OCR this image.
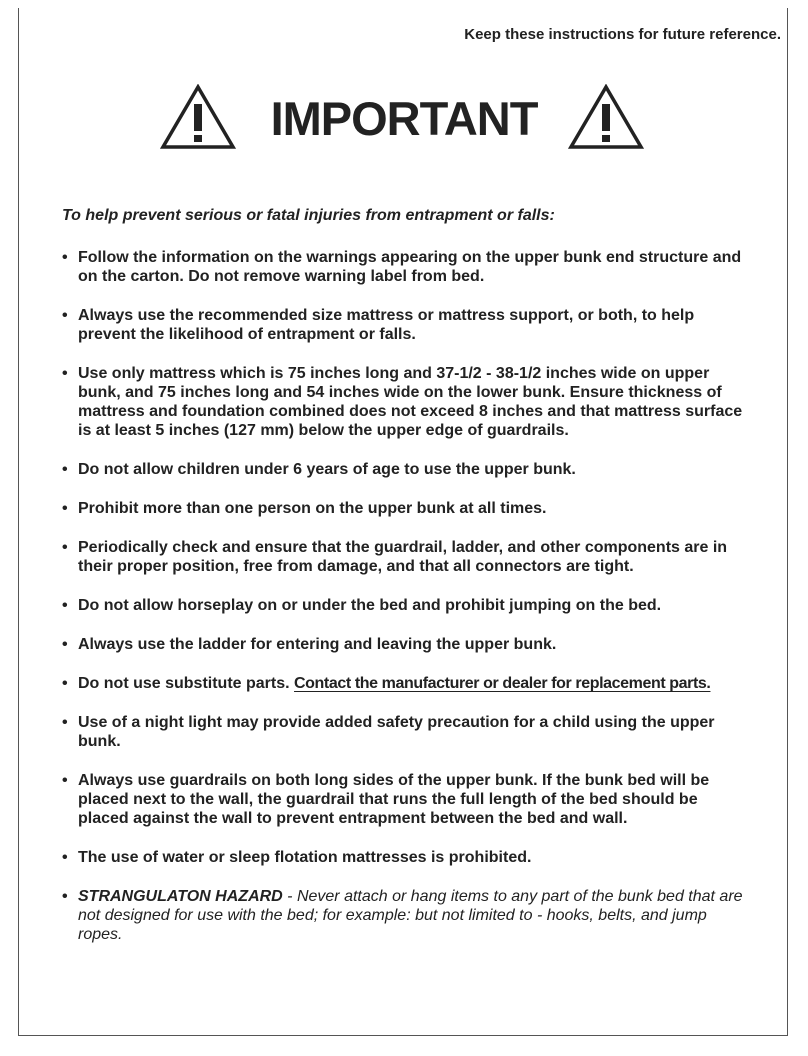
Keep these instructions for future reference.
IMPORTANT
To help prevent serious or fatal injuries from entrapment or falls:
• Follow the information on the warnings appearing on the upper bunk end structure and on the carton. Do not remove warning label from bed.
• Always use the recommended size mattress or mattress support, or both, to help prevent the likelihood of entrapment or falls.
• Use only mattress which is 75 inches long and 37-1/2 - 38-1/2 inches wide on upper bunk, and 75 inches long and 54 inches wide on the lower bunk. Ensure thickness of mattress and foundation combined does not exceed 8 inches and that mattress surface is at least 5 inches (127 mm) below the upper edge of guardrails.
• Do not allow children under 6 years of age to use the upper bunk.
• Prohibit more than one person on the upper bunk at all times.
• Periodically check and ensure that the guardrail, ladder, and other components are in their proper position, free from damage, and that all connectors are tight.
• Do not allow horseplay on or under the bed and prohibit jumping on the bed.
• Always use the ladder for entering and leaving the upper bunk.
• Do not use substitute parts. Contact the manufacturer or dealer for replacement parts.
• Use of a night light may provide added safety precaution for a child using the upper bunk.
• Always use guardrails on both long sides of the upper bunk. If the bunk bed will be placed next to the wall, the guardrail that runs the full length of the bed should be placed against the wall to prevent entrapment between the bed and wall.
• The use of water or sleep flotation mattresses is prohibited.
• STRANGULATON HAZARD - Never attach or hang items to any part of the bunk bed that are not designed for use with the bed; for example: but not limited to - hooks, belts, and jump ropes.
